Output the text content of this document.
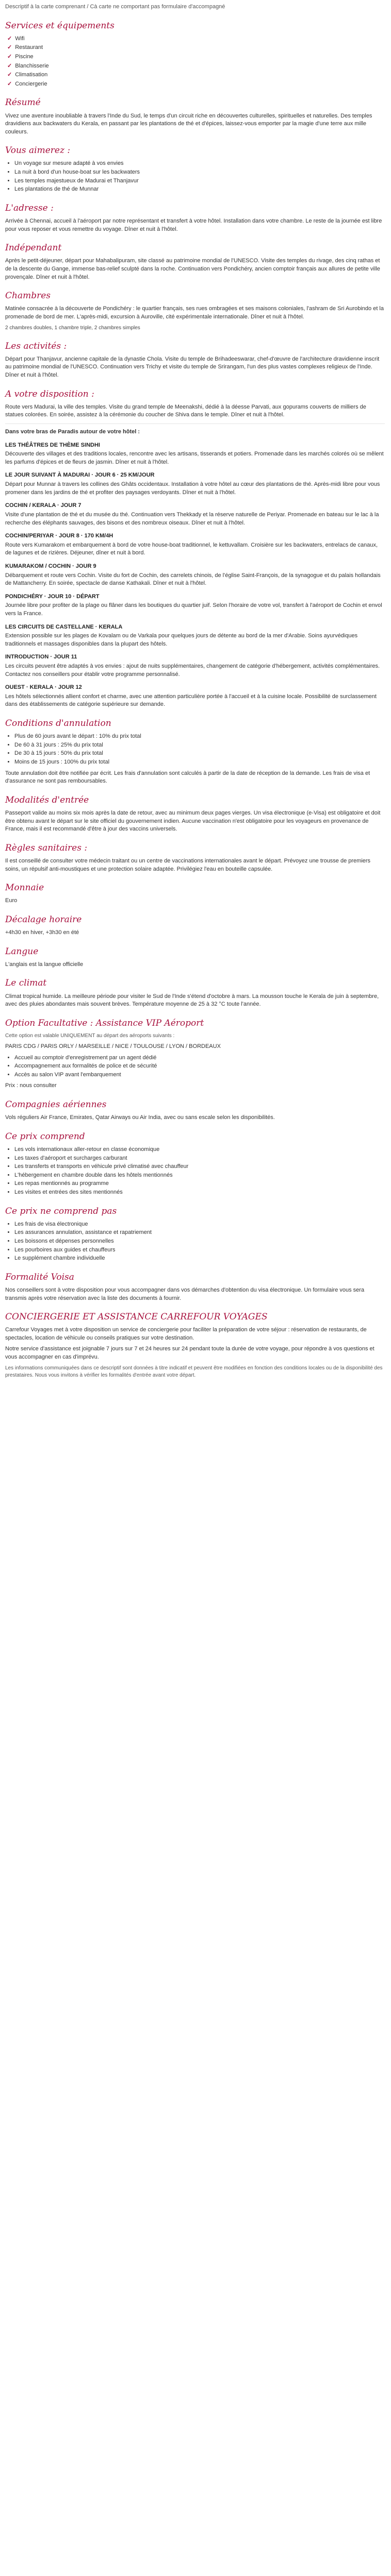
Descriptif à la carte comprenant / Cà carte ne comportant pas formulaire d'accompagné

Services et équipements
✓ Wifi
✓ Restaurant
✓ Piscine
✓ Blanchisserie
✓ Climatisation
✓ Conciergerie
Résumé

Vivez une aventure inoubliable à travers l'Inde du Sud, le temps d'un circuit riche en découvertes culturelles, spirituelles et naturelles. Des temples dravidiens aux backwaters du Kerala, en passant par les plantations de thé et d'épices, laissez-vous emporter par la magie d'une terre aux mille couleurs.

Vous aimerez :
• Un voyage sur mesure adapté à vos envies
• La nuit à bord d'un house-boat sur les backwaters
• Les temples majestueux de Madurai et Thanjavur
• Les plantations de thé de Munnar
L'adresse :

Arrivée à Chennai, accueil à l'aéroport par notre représentant et transfert à votre hôtel. Installation dans votre chambre. Le reste de la journée est libre pour vous reposer et vous remettre du voyage. Dîner et nuit à l'hôtel.

Indépendant

Après le petit-déjeuner, départ pour Mahabalipuram, site classé au patrimoine mondial de l'UNESCO. Visite des temples du rivage, des cinq rathas et de la descente du Gange, immense bas-relief sculpté dans la roche. Continuation vers Pondichéry, ancien comptoir français aux allures de petite ville provençale. Dîner et nuit à l'hôtel.

Chambres

Matinée consacrée à la découverte de Pondichéry : le quartier français, ses rues ombragées et ses maisons coloniales, l'ashram de Sri Aurobindo et la promenade de bord de mer. L'après-midi, excursion à Auroville, cité expérimentale internationale. Dîner et nuit à l'hôtel.

2 chambres doubles, 1 chambre triple, 2 chambres simples

Les activités :

Départ pour Thanjavur, ancienne capitale de la dynastie Chola. Visite du temple de Brihadeeswarar, chef-d'œuvre de l'architecture dravidienne inscrit au patrimoine mondial de l'UNESCO. Continuation vers Trichy et visite du temple de Srirangam, l'un des plus vastes complexes religieux de l'Inde. Dîner et nuit à l'hôtel.

A votre disposition :

Route vers Madurai, la ville des temples. Visite du grand temple de Meenakshi, dédié à la déesse Parvati, aux gopurams couverts de milliers de statues colorées. En soirée, assistez à la cérémonie du coucher de Shiva dans le temple. Dîner et nuit à l'hôtel.

Dans votre bras de Paradis autour de votre hôtel :

LES THÉÂTRES DE THÈME SINDHI

Découverte des villages et des traditions locales, rencontre avec les artisans, tisserands et potiers. Promenade dans les marchés colorés où se mêlent les parfums d'épices et de fleurs de jasmin. Dîner et nuit à l'hôtel.

LE JOUR SUIVANT À MADURAI · JOUR 6 · 25 KM/JOUR

Départ pour Munnar à travers les collines des Ghâts occidentaux. Installation à votre hôtel au cœur des plantations de thé. Après-midi libre pour vous promener dans les jardins de thé et profiter des paysages verdoyants. Dîner et nuit à l'hôtel.

COCHIN / KERALA · JOUR 7

Visite d'une plantation de thé et du musée du thé. Continuation vers Thekkady et la réserve naturelle de Periyar. Promenade en bateau sur le lac à la recherche des éléphants sauvages, des bisons et des nombreux oiseaux. Dîner et nuit à l'hôtel.

COCHIN/PERIYAR · JOUR 8 · 170 KM/4H

Route vers Kumarakom et embarquement à bord de votre house-boat traditionnel, le kettuvallam. Croisière sur les backwaters, entrelacs de canaux, de lagunes et de rizières. Déjeuner, dîner et nuit à bord.

KUMARAKOM / COCHIN · JOUR 9

Débarquement et route vers Cochin. Visite du fort de Cochin, des carrelets chinois, de l'église Saint-François, de la synagogue et du palais hollandais de Mattancherry. En soirée, spectacle de danse Kathakali. Dîner et nuit à l'hôtel.

PONDICHÉRY · JOUR 10 · DÉPART

Journée libre pour profiter de la plage ou flâner dans les boutiques du quartier juif. Selon l'horaire de votre vol, transfert à l'aéroport de Cochin et envol vers la France.

LES CIRCUITS DE CASTELLANE · KERALA

Extension possible sur les plages de Kovalam ou de Varkala pour quelques jours de détente au bord de la mer d'Arabie. Soins ayurvédiques traditionnels et massages disponibles dans la plupart des hôtels.

INTRODUCTION · JOUR 11

Les circuits peuvent être adaptés à vos envies : ajout de nuits supplémentaires, changement de catégorie d'hébergement, activités complémentaires. Contactez nos conseillers pour établir votre programme personnalisé.

OUEST · KERALA · JOUR 12

Les hôtels sélectionnés allient confort et charme, avec une attention particulière portée à l'accueil et à la cuisine locale. Possibilité de surclassement dans des établissements de catégorie supérieure sur demande.

Conditions d'annulation
• Plus de 60 jours avant le départ : 10% du prix total
• De 60 à 31 jours : 25% du prix total
• De 30 à 15 jours : 50% du prix total
• Moins de 15 jours : 100% du prix total

Toute annulation doit être notifiée par écrit. Les frais d'annulation sont calculés à partir de la date de réception de la demande. Les frais de visa et d'assurance ne sont pas remboursables.

Modalités d'entrée

Passeport valide au moins six mois après la date de retour, avec au minimum deux pages vierges. Un visa électronique (e-Visa) est obligatoire et doit être obtenu avant le départ sur le site officiel du gouvernement indien. Aucune vaccination n'est obligatoire pour les voyageurs en provenance de France, mais il est recommandé d'être à jour des vaccins universels.

Règles sanitaires :

Il est conseillé de consulter votre médecin traitant ou un centre de vaccinations internationales avant le départ. Prévoyez une trousse de premiers soins, un répulsif anti-moustiques et une protection solaire adaptée. Privilégiez l'eau en bouteille capsulée.

Monnaie

Euro

Décalage horaire

+4h30 en hiver, +3h30 en été

Langue

L'anglais est la langue officielle

Le climat

Climat tropical humide. La meilleure période pour visiter le Sud de l'Inde s'étend d'octobre à mars. La mousson touche le Kerala de juin à septembre, avec des pluies abondantes mais souvent brèves. Température moyenne de 25 à 32 °C toute l'année.

Option Facultative : Assistance VIP Aéroport

Cette option est valable UNIQUEMENT au départ des aéroports suivants :

PARIS CDG / PARIS ORLY / MARSEILLE / NICE / TOULOUSE / LYON / BORDEAUX

• Accueil au comptoir d'enregistrement par un agent dédié
• Accompagnement aux formalités de police et de sécurité
• Accès au salon VIP avant l'embarquement

Prix : nous consulter

Compagnies aériennes

Vols réguliers Air France, Emirates, Qatar Airways ou Air India, avec ou sans escale selon les disponibilités.

Ce prix comprend
• Les vols internationaux aller-retour en classe économique
• Les taxes d'aéroport et surcharges carburant
• Les transferts et transports en véhicule privé climatisé avec chauffeur
• L'hébergement en chambre double dans les hôtels mentionnés
• Les repas mentionnés au programme
• Les visites et entrées des sites mentionnés
Ce prix ne comprend pas
• Les frais de visa électronique
• Les assurances annulation, assistance et rapatriement
• Les boissons et dépenses personnelles
• Les pourboires aux guides et chauffeurs
• Le supplément chambre individuelle
Formalité Voisa

Nos conseillers sont à votre disposition pour vous accompagner dans vos démarches d'obtention du visa électronique. Un formulaire vous sera transmis après votre réservation avec la liste des documents à fournir.

CONCIERGERIE ET ASSISTANCE CARREFOUR VOYAGES

Carrefour Voyages met à votre disposition un service de conciergerie pour faciliter la préparation de votre séjour : réservation de restaurants, de spectacles, location de véhicule ou conseils pratiques sur votre destination.

Notre service d'assistance est joignable 7 jours sur 7 et 24 heures sur 24 pendant toute la durée de votre voyage, pour répondre à vos questions et vous accompagner en cas d'imprévu.

Les informations communiquées dans ce descriptif sont données à titre indicatif et peuvent être modifiées en fonction des conditions locales ou de la disponibilité des prestataires. Nous vous invitons à vérifier les formalités d'entrée avant votre départ.
